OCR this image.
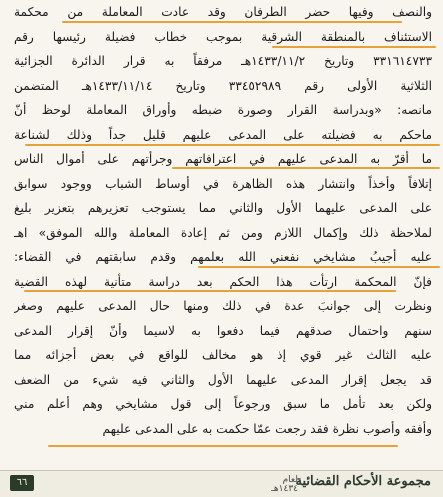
والنصف وفيها حضر الطرفان وقد عادت المعاملة من محكمة
الاستئناف بالمنطقة الشرقية بموجب خطاب فضيلة رئيسها رقم
٣٣١٦١٤٧٣٣ وتاريخ ١٤٣٣/١١/٢هـ مرفقاً به قرار الدائرة الجزائية
الثلاثية الأولى رقم ٣٣٤٥٢٩٨٩ وتاريخ ١٤٣٣/١١/١٤هـ المتضمن
مانصه: «وبدراسة القرار وصورة ضبطه وأوراق المعاملة لوحظ أنّ
ماحكم به فضيلته على المدعى عليهم قليل جداً وذلك لشناعة
ما أقرّ به المدعى عليهم في اعترافاتهم وجرأتهم على أموال الناس
إتلافاً وأخذاً وانتشار هذه الظاهرة في أوساط الشباب ووجود سوابق
على المدعى عليهما الأول والثاني مما يستوجب تعزيرهم بتعزير بليغ
لملاحظة ذلك وإكمال اللازم ومن ثم إعادة المعاملة والله الموفق» اهـ
عليه أجيبُ مشايخي نفعني الله بعلمهم وقدم سابقتهم في القضاء:
فإنّ المحكمة ارتأت هذا الحكم بعد دراسة متأنية لهذه القضية
ونظرت إلى جوانبَ عدة في ذلك ومنها حال المدعى عليهم وصغر
سنهم واحتمال صدقهم فيما دفعوا به لاسيما وأنّ إقرار المدعى
عليه الثالث غير قوي إذ هو مخالف للواقع في بعض أجزائه مما
قد يجعل إقرار المدعى عليهما الأول والثاني فيه شيء من الضعف
ولكن بعد تأمل ما سبق ورجوعاً إلى قول مشايخي وهم أعلم مني
وأفقه وأصوب نظرة فقد رجعت عمّا حكمت به على المدعى عليهم
٦٦	مجموعة الأحكام القضائية
لعام
١٤٣٤هـ
